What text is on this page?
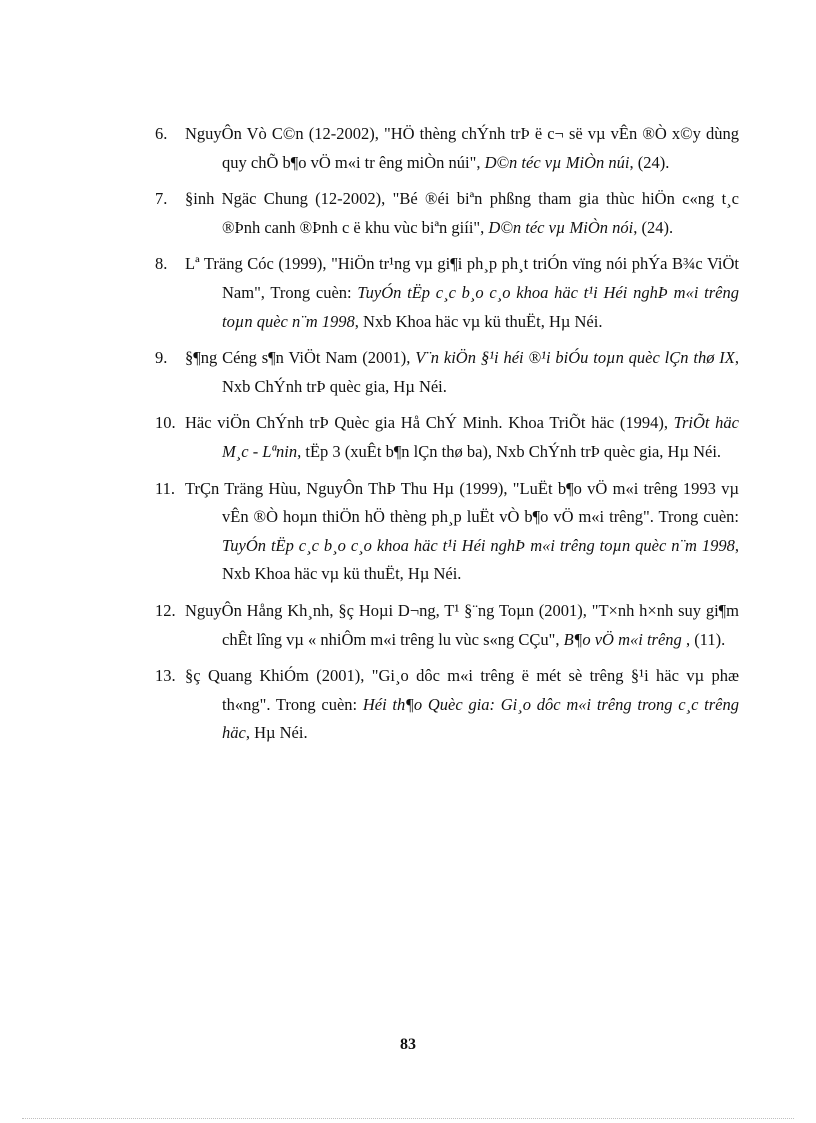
6. NguyÔn Vò C©n (12-2002), "HÖ thèng chÝnh trÞ ë c¬ së vµ vÊn ®Ò x©y dùng quy chÕ b¶o vÖ m«i tr êng miÒn núi", D©n téc vµ MiÒn núi, (24).

7. §inh Ngäc Chung (12-2002), "Bé ®éi biªn phßng tham gia thùc hiÖn c«ng t¸c ®Þnh canh ®Þnh c ë khu vùc biªn giíi", D©n téc vµ MiÒn nói, (24).

8. Lª Träng Cóc (1999), "HiÖn tr¹ng vµ gi¶i ph¸p ph¸t triÓn vïng nói phÝa B¾c ViÖt Nam", Trong cuèn: TuyÓn tËp c¸c b¸o c¸o khoa häc t¹i Héi nghÞ m«i trêng toµn quèc n¨m 1998, Nxb Khoa häc vµ kü thuËt, Hµ Néi.

9. §¶ng Céng s¶n ViÖt Nam (2001), V¨n kiÖn §¹i héi ®¹i biÓu toµn quèc lÇn thø IX, Nxb ChÝnh trÞ quèc gia, Hµ Néi.

10. Häc viÖn ChÝnh trÞ Quèc gia Hå ChÝ Minh. Khoa TriÕt häc (1994), TriÕt häc M¸c - Lªnin, tËp 3 (xuÊt b¶n lÇn thø ba), Nxb ChÝnh trÞ quèc gia, Hµ Néi.

11. TrÇn Träng Hùu, NguyÔn ThÞ Thu Hµ (1999), "LuËt b¶o vÖ m«i trêng 1993 vµ vÊn ®Ò hoµn thiÖn hÖ thèng ph¸p luËt vÒ b¶o vÖ m«i trêng". Trong cuèn: TuyÓn tËp c¸c b¸o c¸o khoa häc t¹i Héi nghÞ m«i trêng toµn quèc n¨m 1998, Nxb Khoa häc vµ kü thuËt, Hµ Néi.

12. NguyÔn Hång Kh¸nh, §ç Hoµi D¬ng, T¹ §¨ng Toµn (2001), "T×nh h×nh suy gi¶m chÊt lîng vµ « nhiÔm m«i trêng lu vùc s«ng CÇu", B¶o vÖ m«i trêng , (11).

13. §ç Quang KhiÓm (2001), "Gi¸o dôc m«i trêng ë mét sè trêng §¹i häc vµ phæ th«ng". Trong cuèn: Héi th¶o Quèc gia: Gi¸o dôc m«i trêng trong c¸c trêng häc, Hµ Néi.

83
